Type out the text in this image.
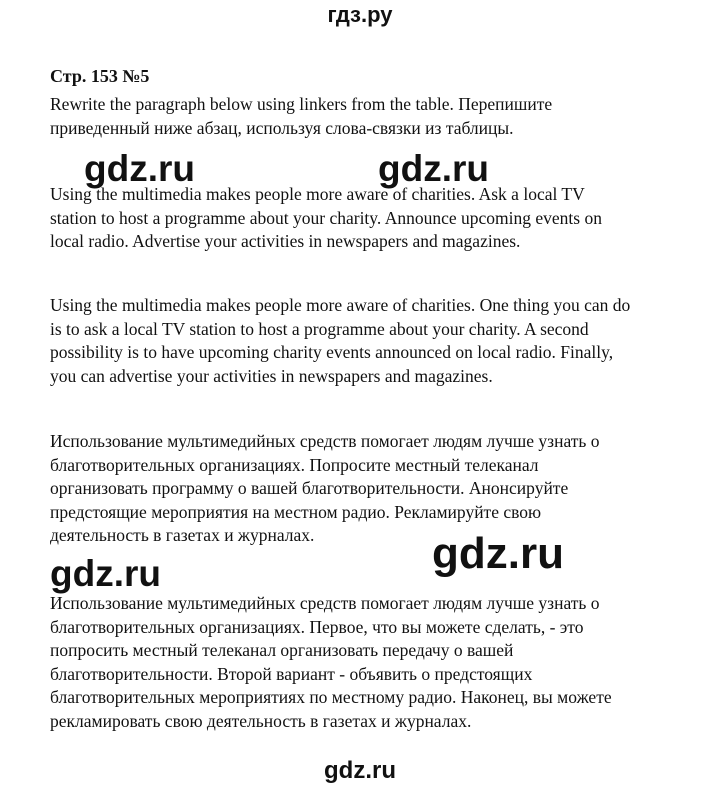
гдз.ру
Стр. 153 №5
Rewrite the paragraph below using linkers from the table. Перепишите
приведенный ниже абзац, используя слова-связки из таблицы.
Using the multimedia makes people more aware of charities. Ask a local TV
station to host a programme about your charity. Announce upcoming events on
local radio. Advertise your activities in newspapers and magazines.
Using the multimedia makes people more aware of charities. One thing you can do
is to ask a local TV station to host a programme about your charity. A second
possibility is to have upcoming charity events announced on local radio. Finally,
you can advertise your activities in newspapers and magazines.
Использование мультимедийных средств помогает людям лучше узнать о
благотворительных организациях. Попросите местный телеканал
организовать программу о вашей благотворительности. Анонсируйте
предстоящие мероприятия на местном радио. Рекламируйте свою
деятельность в газетах и журналах.
Использование мультимедийных средств помогает людям лучше узнать о
благотворительных организациях. Первое, что вы можете сделать, - это
попросить местный телеканал организовать передачу о вашей
благотворительности. Второй вариант - объявить о предстоящих
благотворительных мероприятиях по местному радио. Наконец, вы можете
рекламировать свою деятельность в газетах и журналах.
gdz.ru	gdz.ru
gdz.ru
gdz.ru
gdz.ru
